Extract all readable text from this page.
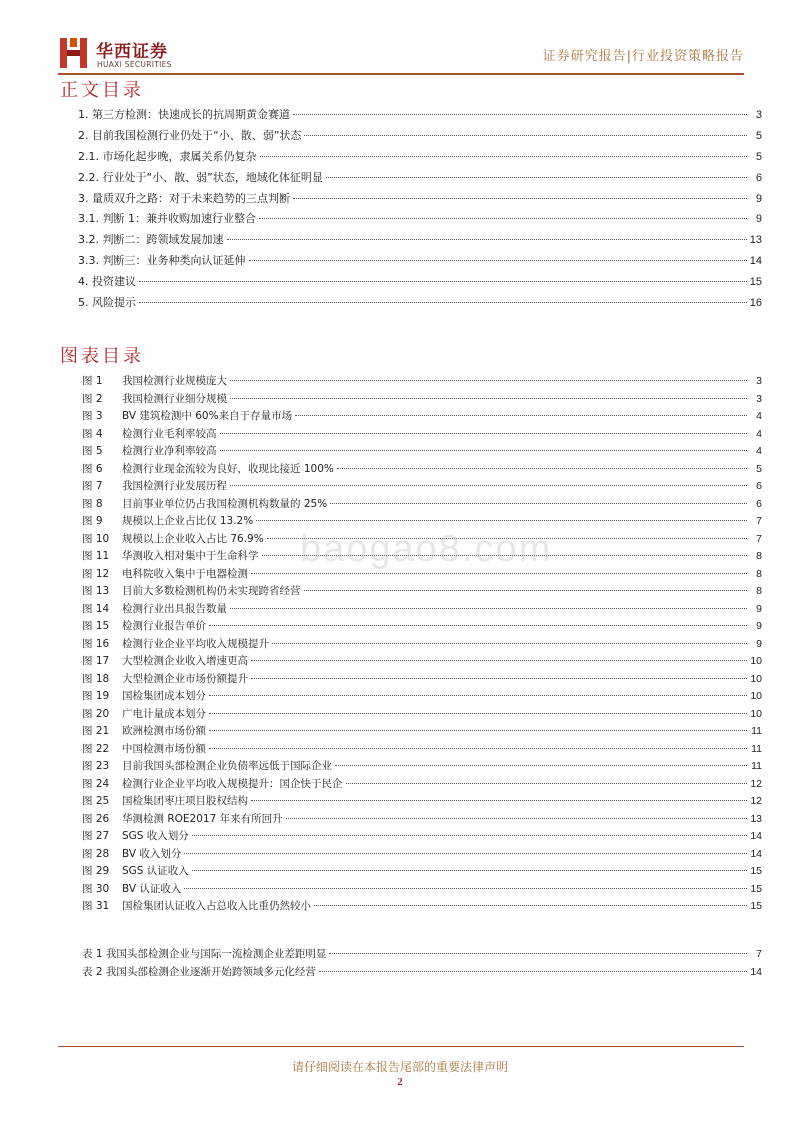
华西证券
HUAXI SECURITIES
证券研究报告|行业投资策略报告
正文目录
1. 第三方检测：快速成长的抗周期黄金赛道	3
2. 目前我国检测行业仍处于“小、散、弱”状态	5
2.1. 市场化起步晚，隶属关系仍复杂	5
2.2. 行业处于“小、散、弱”状态，地域化体征明显	6
3. 量质双升之路：对于未来趋势的三点判断	9
3.1. 判断 1：兼并收购加速行业整合	9
3.2. 判断二：跨领域发展加速	13
3.3. 判断三：业务种类向认证延伸	14
4. 投资建议	15
5. 风险提示	16
图表目录
图 1	我国检测行业规模庞大	3
图 2	我国检测行业细分规模	3
图 3	BV 建筑检测中 60%来自于存量市场	4
图 4	检测行业毛利率较高	4
图 5	检测行业净利率较高	4
图 6	检测行业现金流较为良好，收现比接近 100%	5
图 7	我国检测行业发展历程	6
图 8	目前事业单位仍占我国检测机构数量的 25%	6
图 9	规模以上企业占比仅 13.2%	7
图 10	规模以上企业收入占比 76.9%	7
图 11	华测收入相对集中于生命科学	8
图 12	电科院收入集中于电器检测	8
图 13	目前大多数检测机构仍未实现跨省经营	8
图 14	检测行业出具报告数量	9
图 15	检测行业报告单价	9
图 16	检测行业企业平均收入规模提升	9
图 17	大型检测企业收入增速更高	10
图 18	大型检测企业市场份额提升	10
图 19	国检集团成本划分	10
图 20	广电计量成本划分	10
图 21	欧洲检测市场份额	11
图 22	中国检测市场份额	11
图 23	目前我国头部检测企业负债率远低于国际企业	11
图 24	检测行业企业平均收入规模提升：国企快于民企	12
图 25	国检集团枣庄项目股权结构	12
图 26	华测检测 ROE2017 年来有所回升	13
图 27	SGS 收入划分	14
图 28	BV 收入划分	14
图 29	SGS 认证收入	15
图 30	BV 认证收入	15
图 31	国检集团认证收入占总收入比重仍然较小	15
表 1 我国头部检测企业与国际一流检测企业差距明显	7
表 2 我国头部检测企业逐渐开始跨领域多元化经营	14
baogao8.com
请仔细阅读在本报告尾部的重要法律声明
2
